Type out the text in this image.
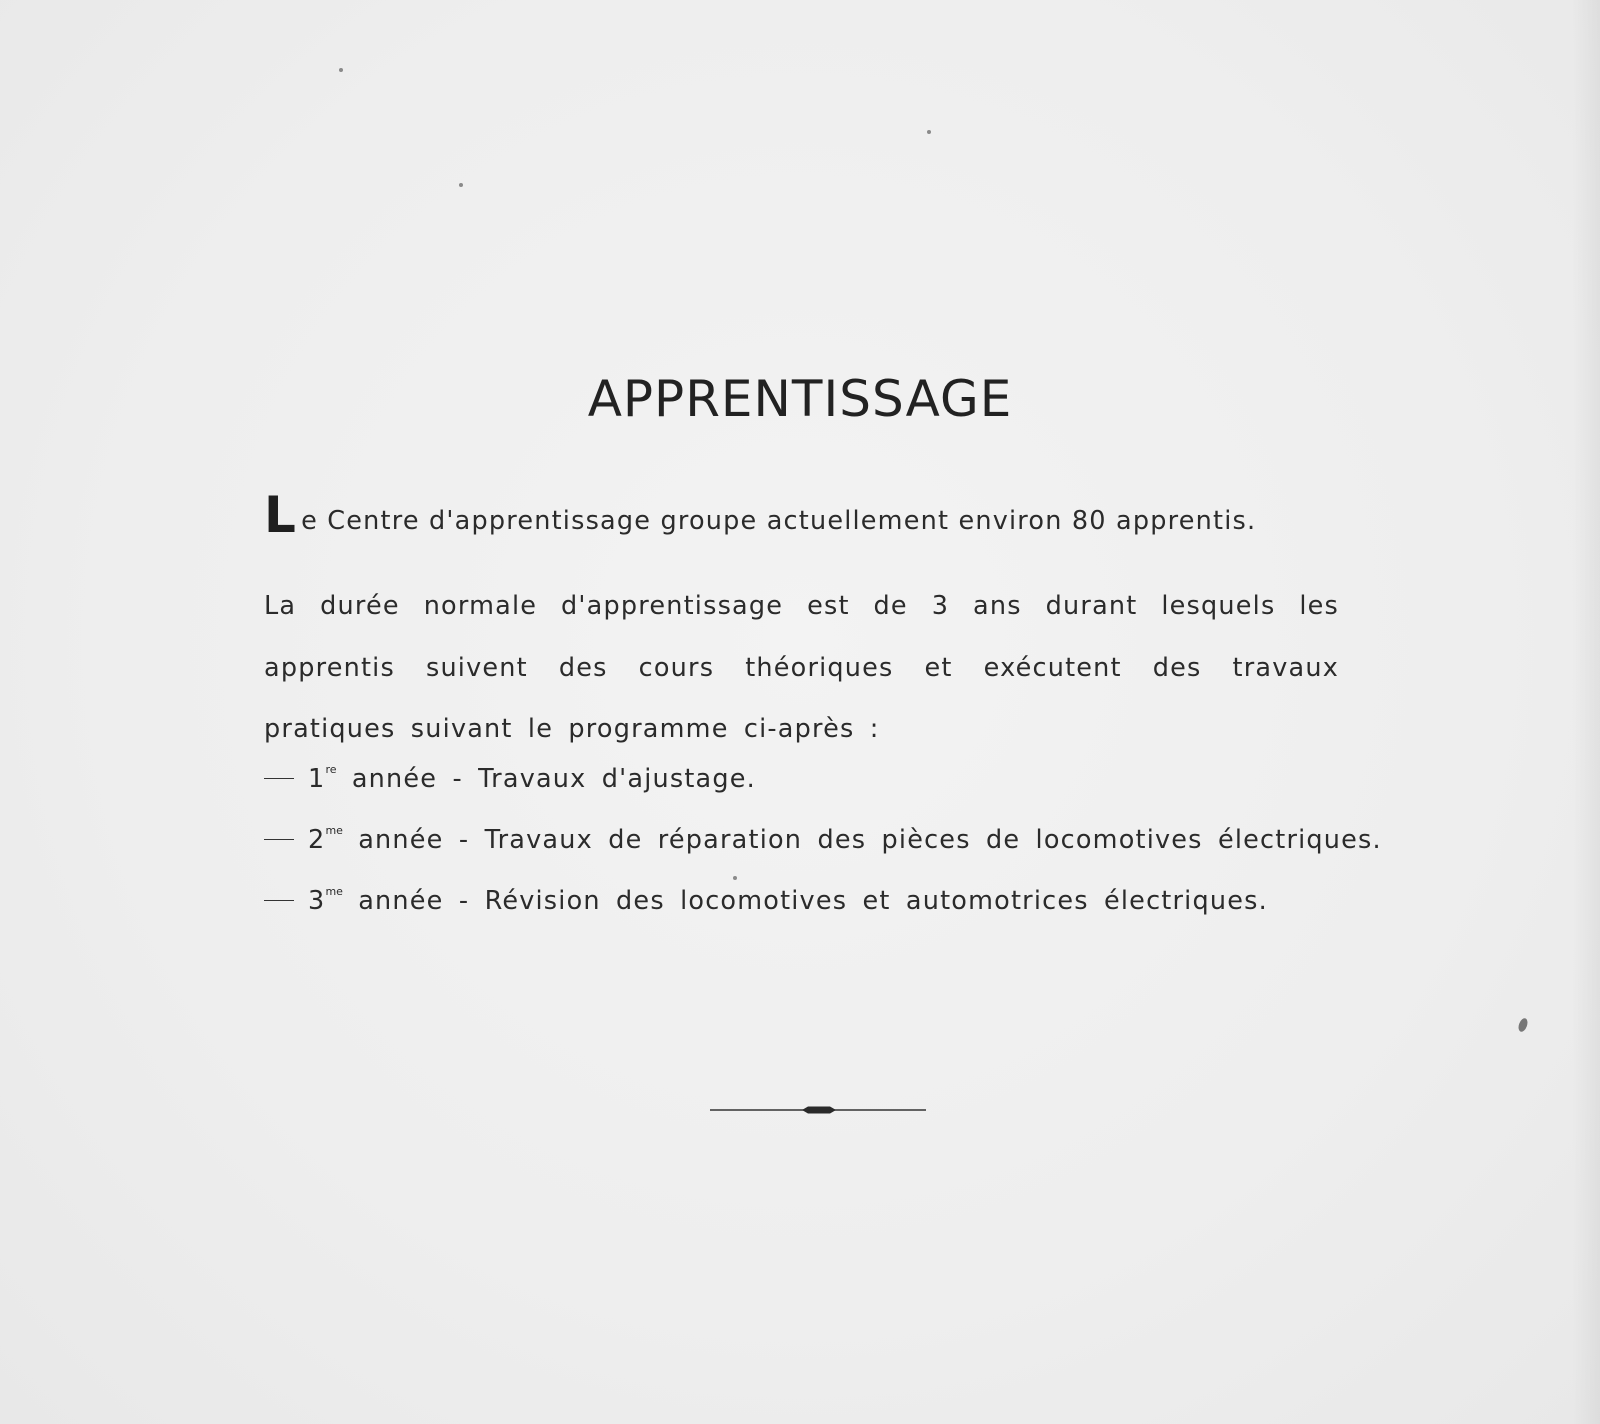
APPRENTISSAGE

Le Centre d'apprentissage groupe actuellement environ 80 apprentis.

La durée normale d'apprentissage est de 3 ans durant lesquels les apprentis suivent des cours théoriques et exécutent des travaux pratiques suivant le programme ci-après :

1re année - Travaux d'ajustage.
$2^{me}$ année - Travaux de réparation des pièces de locomotives électriques.
$3^{me}$ année - Révision des locomotives et automotrices électriques.
